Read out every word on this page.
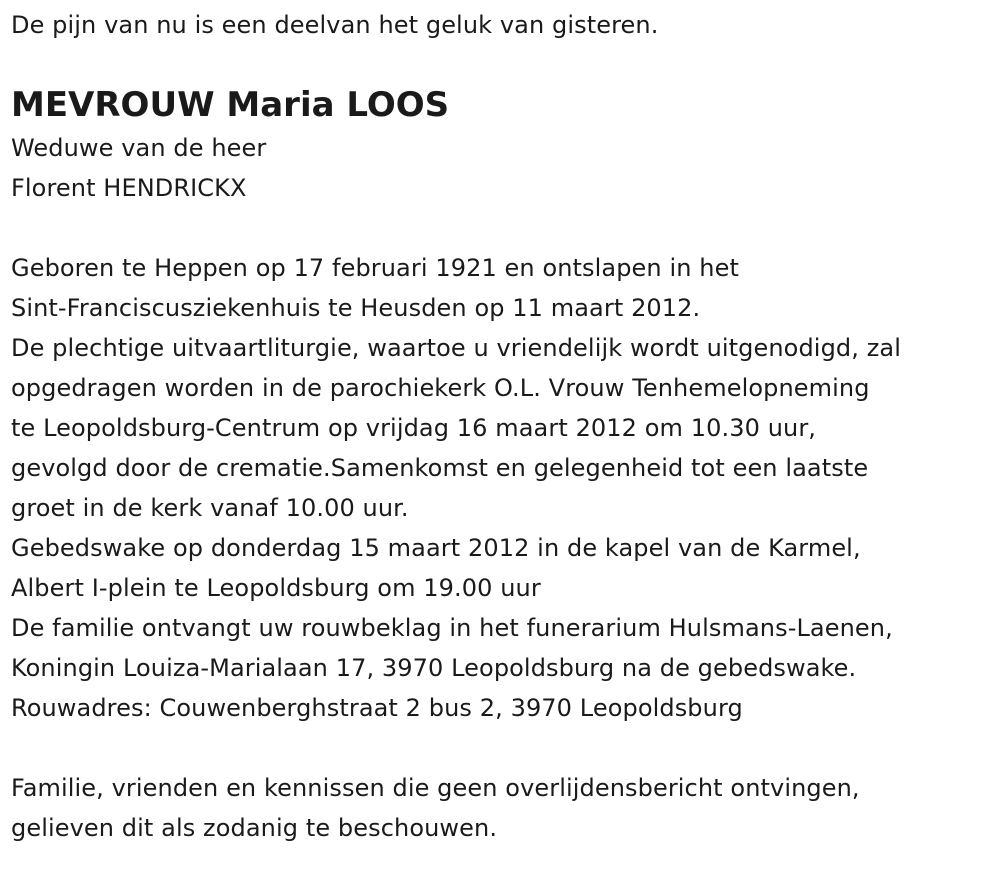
De pijn van nu is een deelvan het geluk van gisteren.
MEVROUW Maria LOOS
Weduwe van de heer
Florent HENDRICKX
Geboren te Heppen op 17 februari 1921 en ontslapen in het
Sint-Franciscusziekenhuis te Heusden op 11 maart 2012.
De plechtige uitvaartliturgie, waartoe u vriendelijk wordt uitgenodigd, zal
opgedragen worden in de parochiekerk O.L. Vrouw Tenhemelopneming
te Leopoldsburg-Centrum op vrijdag 16 maart 2012 om 10.30 uur,
gevolgd door de crematie.Samenkomst en gelegenheid tot een laatste
groet in de kerk vanaf 10.00 uur.
Gebedswake op donderdag 15 maart 2012 in de kapel van de Karmel,
Albert I-plein te Leopoldsburg om 19.00 uur
De familie ontvangt uw rouwbeklag in het funerarium Hulsmans-Laenen,
Koningin Louiza-Marialaan 17, 3970 Leopoldsburg na de gebedswake.
Rouwadres: Couwenberghstraat 2 bus 2, 3970 Leopoldsburg
Familie, vrienden en kennissen die geen overlijdensbericht ontvingen,
gelieven dit als zodanig te beschouwen.
